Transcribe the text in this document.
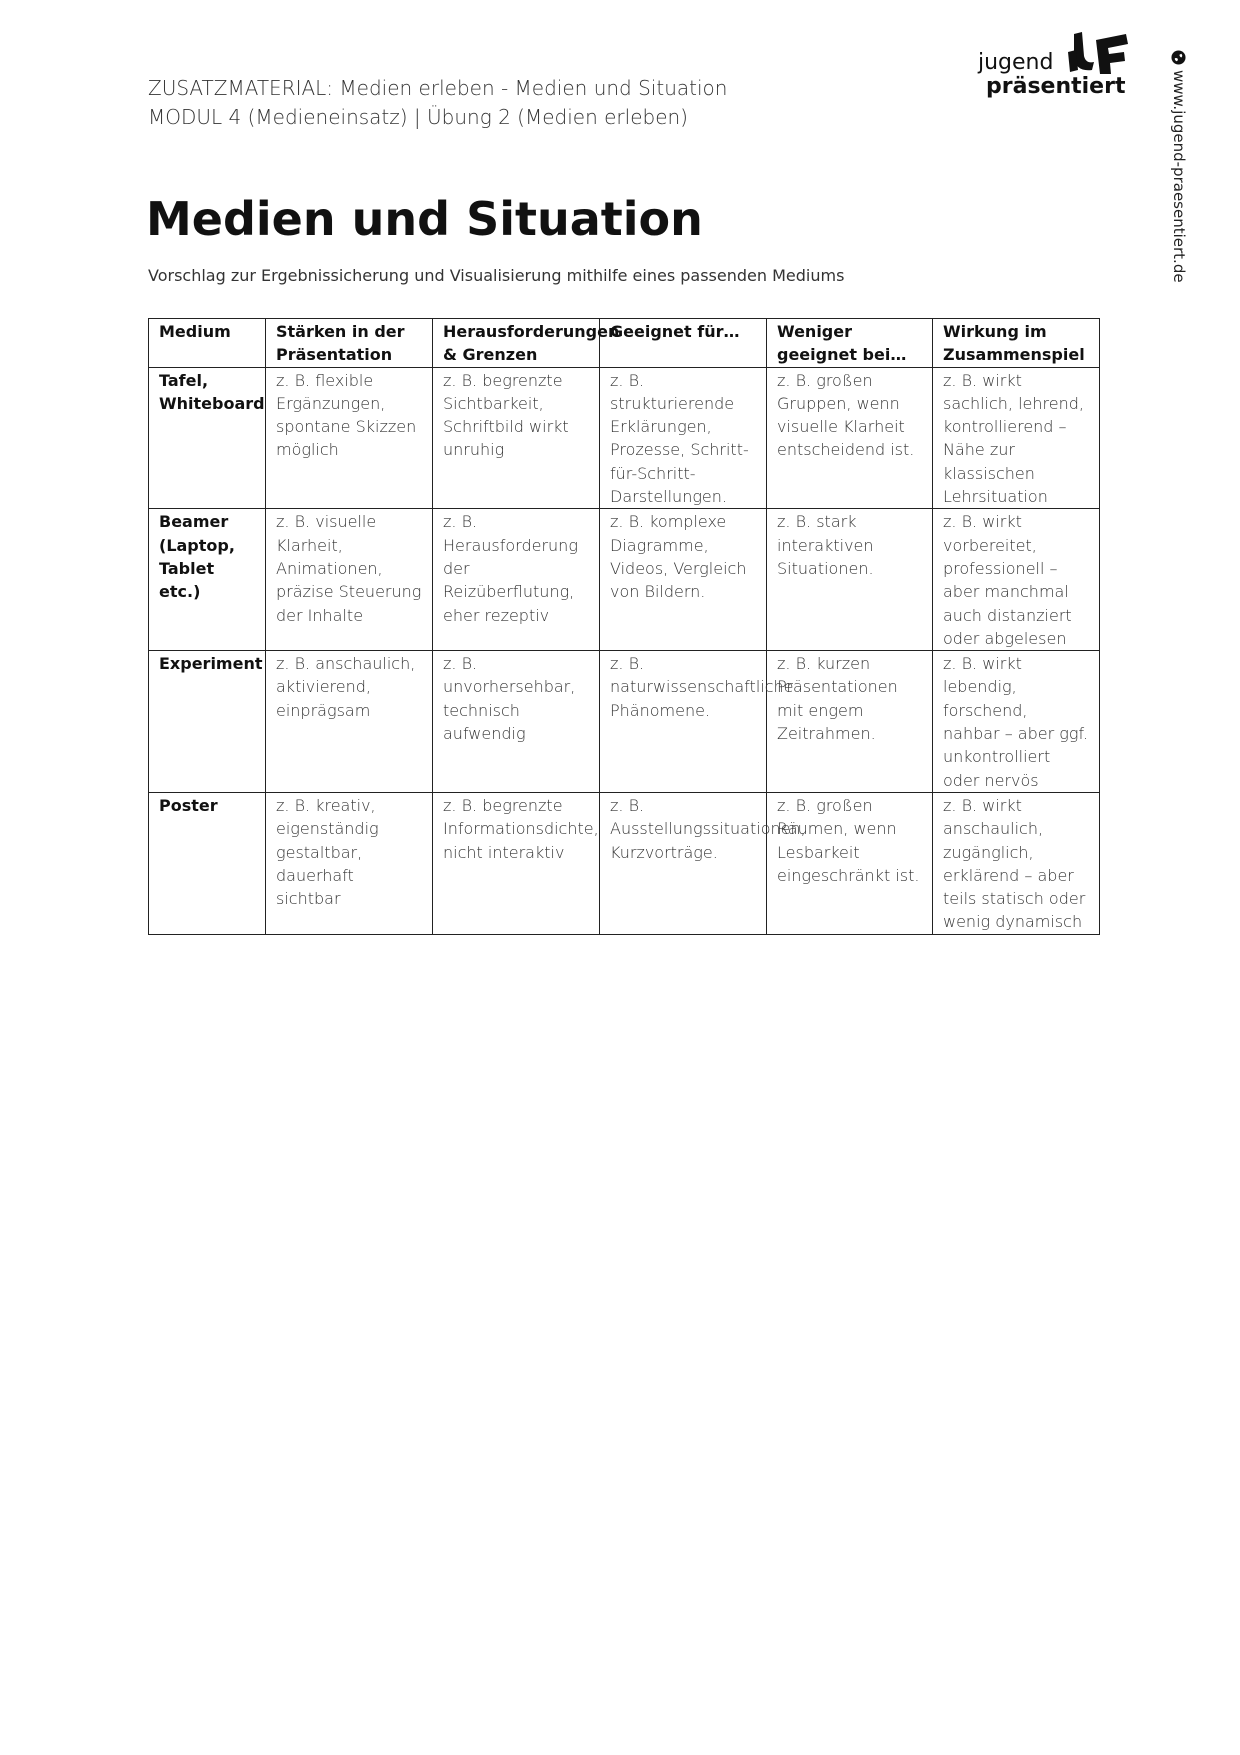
ZUSATZMATERIAL: Medien erleben - Medien und Situation
MODUL 4 (Medieneinsatz) | Übung 2 (Medien erleben)
jugend
präsentiert	www.jugend-praesentiert.de
Medien und Situation
Vorschlag zur Ergebnissicherung und Visualisierung mithilfe eines passenden Mediums
Medium	Stärken in der Präsentation	Herausforderungen & Grenzen	Geeignet für…	Weniger geeignet bei…	Wirkung im Zusammenspiel
Tafel, Whiteboard	z. B. flexible Ergänzungen, spontane Skizzen möglich	z. B. begrenzte Sichtbarkeit, Schriftbild wirkt unruhig	z. B. strukturierende Erklärungen, Prozesse, Schritt-für-Schritt-Darstellungen.	z. B. großen Gruppen, wenn visuelle Klarheit entscheidend ist.	z. B. wirkt sachlich, lehrend, kontrollierend – Nähe zur klassischen Lehrsituation
Beamer (Laptop, Tablet etc.)	z. B. visuelle Klarheit, Animationen, präzise Steuerung der Inhalte	z. B. Herausforderung der Reizüberflutung, eher rezeptiv	z. B. komplexe Diagramme, Videos, Vergleich von Bildern.	z. B. stark interaktiven Situationen.	z. B. wirkt vorbereitet, professionell – aber manchmal auch distanziert oder abgelesen
Experiment	z. B. anschaulich, aktivierend, einprägsam	z. B. unvorhersehbar, technisch aufwendig	z. B. naturwissenschaftliche Phänomene.	z. B. kurzen Präsentationen mit engem Zeitrahmen.	z. B. wirkt lebendig, forschend, nahbar – aber ggf. unkontrolliert oder nervös
Poster	z. B. kreativ, eigenständig gestaltbar, dauerhaft sichtbar	z. B. begrenzte Informationsdichte, nicht interaktiv	z. B. Ausstellungssituationen, Kurzvorträge.	z. B. großen Räumen, wenn Lesbarkeit eingeschränkt ist.	z. B. wirkt anschaulich, zugänglich, erklärend – aber teils statisch oder wenig dynamisch
